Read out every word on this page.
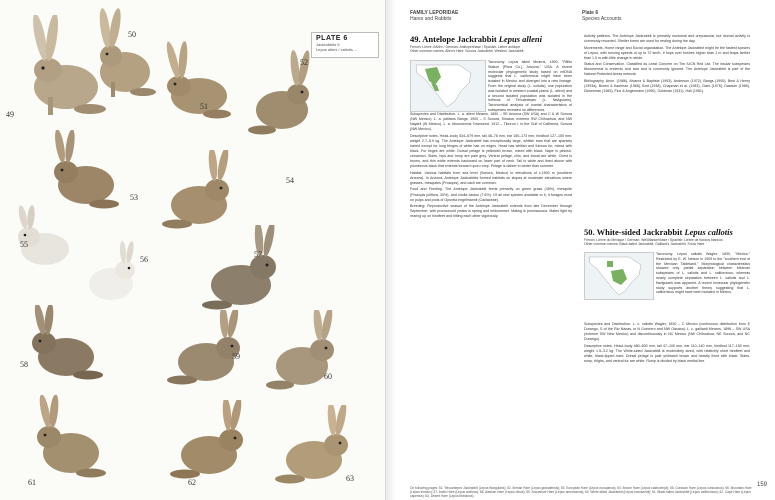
PLATE 6
Jackrabbits 6
Lepus alleni / callotis ...
49
50
51
52
53
54
55
56
57
58
59
60
61	62	63
FAMILY LEPORIDAE
Hares and Rabbits
Plate 6
Species Accounts
49. Antelope Jackrabbit Lepus alleni
French: Lièvre d'Allen / German: Antilopenhase / Spanish: Liebre antilope
Other common names: Allen's Hare, Sonora Jackrabbit, Western Jackrabbit

Subspecies and Distribution. L. a. alleni Mearns, 1890 – SE Arizona (SW USA) and C & W Sonora (NW Mexico). L. a. palitans Bangs, 1900 – S Sonora, Sinaloa, extreme SW Chihuahua, and NW Nayarit (W Mexico). L. a. tiburonensis Townsend, 1912 – Tiburon I. in the Gulf of California, Sonora (NW Mexico).

Descriptive notes. Head–body 534–679 mm, tail 48–76 mm, ear 150–173 mm, hindfoot 127–150 mm; weight 2.7–5.9 kg. The Antelope Jackrabbit has exceptionally large, whitish ears that are sparsely haired except for long fringes of white hair on edges. Head has whitish and fulvous fur, mixed with black. Fur tinges are white. Dorsal pelage is yellowish brown, mixed with black. Nape is pinkish-cinnamon. Sides, hips and rump are pale grey. Ventral pelage, chin, and throat are white. Chest is brown, and thin white extends backward on lower part of neck. Tail is white and lined above with plumbeous black that extends forward upon rump. Pelage is darker in winter than summer.

Habitat. Various habitats from sea level (Sonora, Mexico) to elevations of c.1500 m (southern Arizona). In Arizona, Antelope Jackrabbits formed habitats on slopes at moderate elevations where grasses, mesquites (Prosopis), and cacti are common.

Food and Feeding. The Antelope Jackrabbit feeds primarily on green grass (45%), mesquite (Prosopis juliflora, 30%), and cholla cactus (7.6%). Of all new species available to it, it forages most on pulps and pods of Opuntia engelmannii (Cactaceae).

Breeding. Reproductive season of the Antelope Jackrabbit extends from late December through September, with pronounced peaks in spring and midsummer. Mating is promiscuous. Males fight by rearing up on hindfeet and hitting each other vigorously.

Taxonomy. Lepus alleni Mearns, 1890, "Rillito Station [Pima Co.], Arizona," USA. A recent molecular phylogenetic study based on mtDNA suggests that L. californicus might have been isolated in Mexico and diverged into a new lineage. From the original study (L. collotis), one population was isolated in western coastal plains (L. alleni) and a second isolated population was isolated in the Isthmus of Tehuantepec (L. flavigularis). Taxonomical analysis of cranial characteristics of subspecies revealed no differences.

Activity patterns. The Antelope Jackrabbit is primarily nocturnal and crepuscular, but diurnal activity is commonly recorded. Shelter forms are used for resting during the day.

Movements, Home range and Social organization. The Antelope Jackrabbit might be the fastest species of Lepus, with running speeds of up to 72 km/h. It hops over bushes higher than 1 m and leaps farther than 1.5 m with little change in stride.

Status and Conservation. Classified as Least Concern on The IUCN Red List. The insular subspecies tiburonensis is endemic and rare and is commonly ignored. The Antelope Jackrabbit is part of the Natural Protected Areas network.

Bibliography. Anon. (1986), Alvarez & Baptiste (1993), Anderson (1972), Bangs (1900), Best & Henry (1993a), Brown & Kaufman (1968), Burt (1938), Chapman et al. (1983), Clark (1975), Dawson (1985), Dickerman (1983), Flux & Angermann (1990), Goldman (1931), Hall (1981).

50. White-sided Jackrabbit Lepus callotis
French: Lièvre du Mexique / German: Weißflankenhase / Spanish: Liebre de flancos blancos
Other common names: Black-tailed Jackrabbit, Gaillard's Jackrabbit, Snow Hare

Taxonomy. Lepus callotis Wagler, 1830, "Mexico." Restricted by E. W. Nelson in 1909 to the "southern end of the Mexican Tableland." Morphological characteristics showed only partial separation between Mexican subspecies of L. callotis and L. californicus, whereas nearly complete separation between L. callotis and L. flavigularis was apparent. A recent molecular phylogenetic study supports another theory suggesting that L. californicus might have been isolated in Mexico.

Subspecies and Distribution. L. c. callotis Wagler, 1830 – C Mexico (continuous distribution from E Durango, S of the Rio Nazas, to N Guerrero and NW Oaxaca). L. c. gaillardi Mearns, 1896 – SW USA (extreme SW New Mexico) and discontinuously in NC Mexico (NW Chihuahua, NE Sonora, and NC Durango).

Descriptive notes. Head–body 480–600 mm, tail 47–100 mm, ear 110–140 mm, hindfoot 117–150 mm; weight 1.5–3.2 kg. The White-sided Jackrabbit is moderately sized, with relatively short hindfeet and white, black-tipped ears. Dorsal pelage is pale yellowish brown and heavily lined with black. Sides, rump, thighs, and ventral fur are white. Rump is divided by black medial line.

On following pages: 51. Tehuantepec Jackrabbit (Lepus flavigularis); 52. Iberian Hare (Lepus granatensis); 53. European Hare (Lepus europaeus); 54. Broom Hare (Lepus castroviejoi); 55. Corsican Hare (Lepus corsicanus); 56. Mountain Hare (Lepus timidus); 57. Arctic Hare (Lepus arcticus); 58. Alaskan Hare (Lepus othus); 59. Snowshoe Hare (Lepus americanus); 60. White-tailed Jackrabbit (Lepus townsendii); 61. Black-tailed Jackrabbit (Lepus californicus); 62. Cape Hare (Lepus capensis); 63. Desert Hare (Lepus tibetanus).
159
